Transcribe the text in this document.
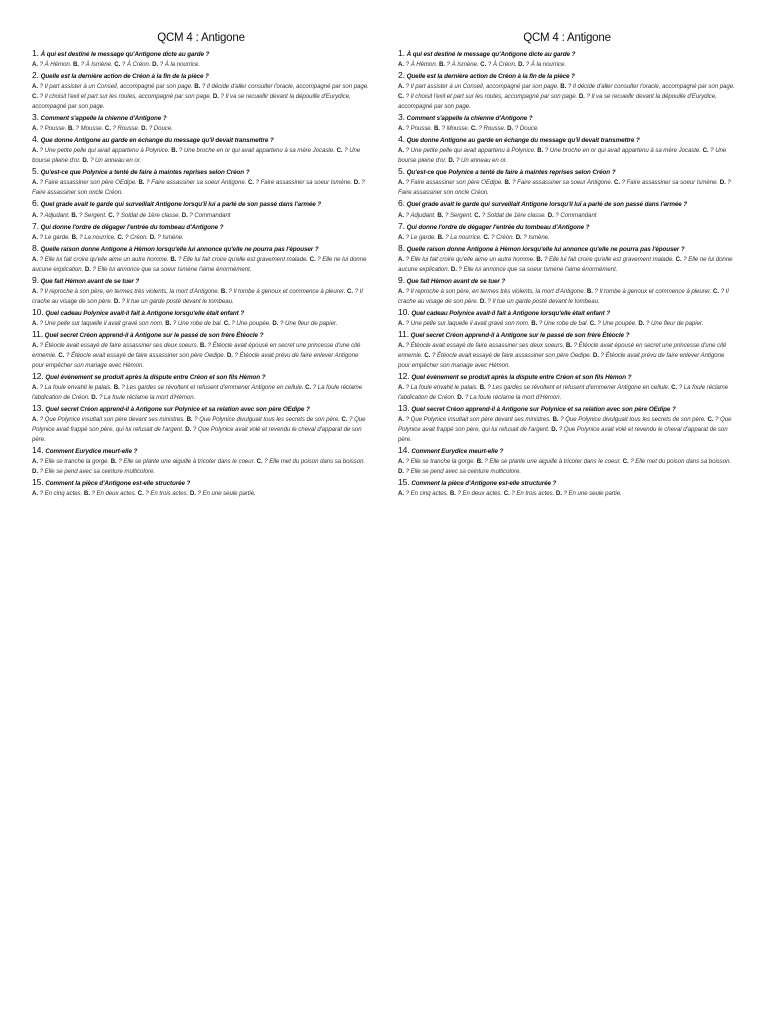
QCM 4 : Antigone
1. À qui est destiné le message qu'Antigone dicte au garde ?
A. ? À Hémon. B. ? À Ismène. C. ? À Créon. D. ? À la nourrice.
2. Quelle est la dernière action de Créon à la fin de la pièce ?
A. ? Il part assister à un Conseil, accompagné par son page. B. ? Il décide d'aller consulter l'oracle, accompagné par son page. C. ? Il choisit l'exil et part sur les routes, accompagné par son page. D. ? Il va se recueillir devant la dépouille d'Eurydice, accompagné par son page.
3. Comment s'appelle la chienne d'Antigone ?
A. ? Pousse. B. ? Mousse. C. ? Rousse. D. ? Douce.
4. Que donne Antigone au garde en échange du message qu'il devait transmettre ?
A. ? Une petite pelle qui avait appartenu à Polynice. B. ? Une broche en or qui avait appartenu à sa mère Jocaste. C. ? Une bourse pleine d'or. D. ? Un anneau en or.
5. Qu'est-ce que Polynice a tenté de faire à maintes reprises selon Créon ?
A. ? Faire assassiner son père OEdipe. B. ? Faire assassiner sa soeur Antigone. C. ? Faire assassiner sa soeur Ismène. D. ? Faire assassiner son oncle Créon.
6. Quel grade avait le garde qui surveillait Antigone lorsqu'il lui a parlé de son passé dans l'armée ?
A. ? Adjudant. B. ? Sergent. C. ? Soldat de 1ère classe. D. ? Commandant
7. Qui donne l'ordre de dégager l'entrée du tombeau d'Antigone ?
A. ? Le garde. B. ? La nourrice. C. ? Créon. D. ? Ismène.
8. Quelle raison donne Antigone à Hémon lorsqu'elle lui annonce qu'elle ne pourra pas l'épouser ?
A. ? Elle lui fait croire qu'elle aime un autre homme. B. ? Elle lui fait croire qu'elle est gravement malade. C. ? Elle ne lui donne aucune explication. D. ? Elle lui annonce que sa soeur Ismène l'aime énormément.
9. Que fait Hémon avant de se tuer ?
A. ? Il reproche à son père, en termes très violents, la mort d'Antigone. B. ? Il tombe à genoux et commence à pleurer. C. ? Il crache au visage de son père. D. ? Il tue un garde posté devant le tombeau.
10. Quel cadeau Polynice avait-il fait à Antigone lorsqu'elle était enfant ?
A. ? Une pelle sur laquelle il avait gravé son nom. B. ? Une robe de bal. C. ? Une poupée. D. ? Une fleur de papier.
11. Quel secret Créon apprend-il à Antigone sur le passé de son frère Étéocle ?
A. ? Étéocle avait essayé de faire assassiner ses deux soeurs. B. ? Étéocle avait épousé en secret une princesse d'une cité ennemie. C. ? Étéocle avait essayé de faire assassiner son père Oedipe. D. ? Étéocle avait prévu de faire enlever Antigone pour empêcher son mariage avec Hémon.
12. Quel événement se produit après la dispute entre Créon et son fils Hémon ?
A. ? La foule envahit le palais. B. ? Les gardes se révoltent et refusent d'emmener Antigone en cellule. C. ? La foule réclame l'abdication de Créon. D. ? La foule réclame la mort d'Hémon.
13. Quel secret Créon apprend-il à Antigone sur Polynice et sa relation avec son père OEdipe ?
A. ? Que Polynice insultait son père devant ses ministres. B. ? Que Polynice divulguait tous les secrets de son père. C. ? Que Polynice avait frappé son père, qui lui refusait de l'argent. D. ? Que Polynice avait volé et revendu le cheval d'apparat de son père.
14. Comment Eurydice meurt-elle ?
A. ? Elle se tranche la gorge. B. ? Elle se plante une aiguille à tricoter dans le coeur. C. ? Elle met du poison dans sa boisson. D. ? Elle se pend avec sa ceinture multicolore.
15. Comment la pièce d'Antigone est-elle structurée ?
A. ? En cinq actes. B. ? En deux actes. C. ? En trois actes. D. ? En une seule partie.
QCM 4 : Antigone
1. À qui est destiné le message qu'Antigone dicte au garde ?
A. ? À Hémon. B. ? À Ismène. C. ? À Créon. D. ? À la nourrice.
2. Quelle est la dernière action de Créon à la fin de la pièce ?
A. ? Il part assister à un Conseil, accompagné par son page. B. ? Il décide d'aller consulter l'oracle, accompagné par son page. C. ? Il choisit l'exil et part sur les routes, accompagné par son page. D. ? Il va se recueillir devant la dépouille d'Eurydice, accompagné par son page.
3. Comment s'appelle la chienne d'Antigone ?
A. ? Pousse. B. ? Mousse. C. ? Rousse. D. ? Douce.
4. Que donne Antigone au garde en échange du message qu'il devait transmettre ?
A. ? Une petite pelle qui avait appartenu à Polynice. B. ? Une broche en or qui avait appartenu à sa mère Jocaste. C. ? Une bourse pleine d'or. D. ? Un anneau en or.
5. Qu'est-ce que Polynice a tenté de faire à maintes reprises selon Créon ?
A. ? Faire assassiner son père OEdipe. B. ? Faire assassiner sa soeur Antigone. C. ? Faire assassiner sa soeur Ismène. D. ? Faire assassiner son oncle Créon.
6. Quel grade avait le garde qui surveillait Antigone lorsqu'il lui a parlé de son passé dans l'armée ?
A. ? Adjudant. B. ? Sergent. C. ? Soldat de 1ère classe. D. ? Commandant
7. Qui donne l'ordre de dégager l'entrée du tombeau d'Antigone ?
A. ? Le garde. B. ? La nourrice. C. ? Créon. D. ? Ismène.
8. Quelle raison donne Antigone à Hémon lorsqu'elle lui annonce qu'elle ne pourra pas l'épouser ?
A. ? Elle lui fait croire qu'elle aime un autre homme. B. ? Elle lui fait croire qu'elle est gravement malade. C. ? Elle ne lui donne aucune explication. D. ? Elle lui annonce que sa soeur Ismène l'aime énormément.
9. Que fait Hémon avant de se tuer ?
A. ? Il reproche à son père, en termes très violents, la mort d'Antigone. B. ? Il tombe à genoux et commence à pleurer. C. ? Il crache au visage de son père. D. ? Il tue un garde posté devant le tombeau.
10. Quel cadeau Polynice avait-il fait à Antigone lorsqu'elle était enfant ?
A. ? Une pelle sur laquelle il avait gravé son nom. B. ? Une robe de bal. C. ? Une poupée. D. ? Une fleur de papier.
11. Quel secret Créon apprend-il à Antigone sur le passé de son frère Étéocle ?
A. ? Étéocle avait essayé de faire assassiner ses deux soeurs. B. ? Étéocle avait épousé en secret une princesse d'une cité ennemie. C. ? Étéocle avait essayé de faire assassiner son père Oedipe. D. ? Étéocle avait prévu de faire enlever Antigone pour empêcher son mariage avec Hémon.
12. Quel événement se produit après la dispute entre Créon et son fils Hémon ?
A. ? La foule envahit le palais. B. ? Les gardes se révoltent et refusent d'emmener Antigone en cellule. C. ? La foule réclame l'abdication de Créon. D. ? La foule réclame la mort d'Hémon.
13. Quel secret Créon apprend-il à Antigone sur Polynice et sa relation avec son père OEdipe ?
A. ? Que Polynice insultait son père devant ses ministres. B. ? Que Polynice divulguait tous les secrets de son père. C. ? Que Polynice avait frappé son père, qui lui refusait de l'argent. D. ? Que Polynice avait volé et revendu le cheval d'apparat de son père.
14. Comment Eurydice meurt-elle ?
A. ? Elle se tranche la gorge. B. ? Elle se plante une aiguille à tricoter dans le coeur. C. ? Elle met du poison dans sa boisson. D. ? Elle se pend avec sa ceinture multicolore.
15. Comment la pièce d'Antigone est-elle structurée ?
A. ? En cinq actes. B. ? En deux actes. C. ? En trois actes. D. ? En une seule partie.
